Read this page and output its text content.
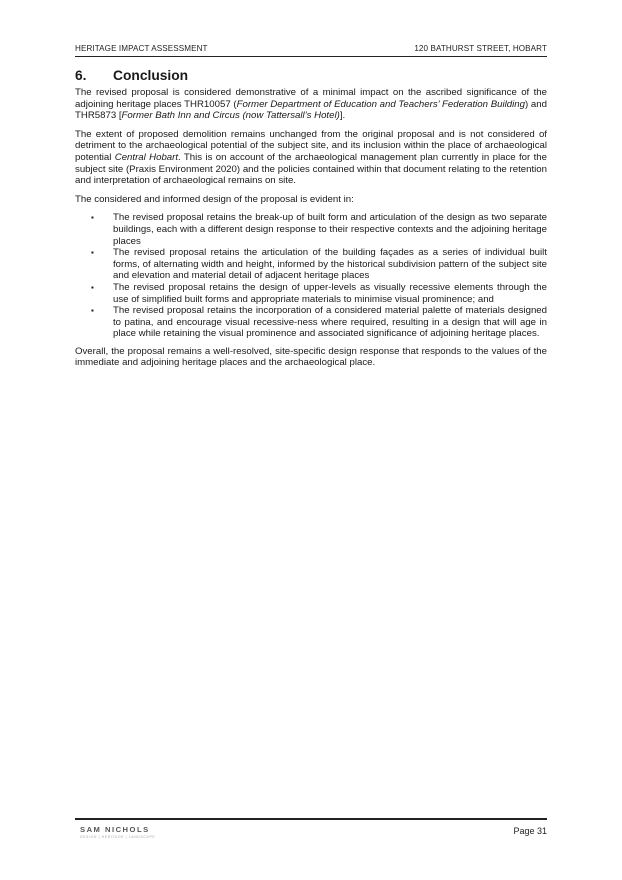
HERITAGE IMPACT ASSESSMENT	120 BATHURST STREET, HOBART
6.	Conclusion

The revised proposal is considered demonstrative of a minimal impact on the ascribed significance of the adjoining heritage places THR10057 (Former Department of Education and Teachers’ Federation Building) and THR5873 [Former Bath Inn and Circus (now Tattersall’s Hotel)].

The extent of proposed demolition remains unchanged from the original proposal and is not considered of detriment to the archaeological potential of the subject site, and its inclusion within the place of archaeological potential Central Hobart. This is on account of the archaeological management plan currently in place for the subject site (Praxis Environment 2020) and the policies contained within that document relating to the retention and interpretation of archaeological remains on site.

The considered and informed design of the proposal is evident in:

▪ The revised proposal retains the break-up of built form and articulation of the design as two separate buildings, each with a different design response to their respective contexts and the adjoining heritage places
▪ The revised proposal retains the articulation of the building façades as a series of individual built forms, of alternating width and height, informed by the historical subdivision pattern of the subject site and elevation and material detail of adjacent heritage places
▪ The revised proposal retains the design of upper-levels as visually recessive elements through the use of simplified built forms and appropriate materials to minimise visual prominence; and
▪ The revised proposal retains the incorporation of a considered material palette of materials designed to patina, and encourage visual recessive-ness where required, resulting in a design that will age in place while retaining the visual prominence and associated significance of adjoining heritage places.

Overall, the proposal remains a well-resolved, site-specific design response that responds to the values of the immediate and adjoining heritage places and the archaeological place.

SAM NICHOLS
DESIGN | HERITAGE | LANDSCAPE
Page 31
